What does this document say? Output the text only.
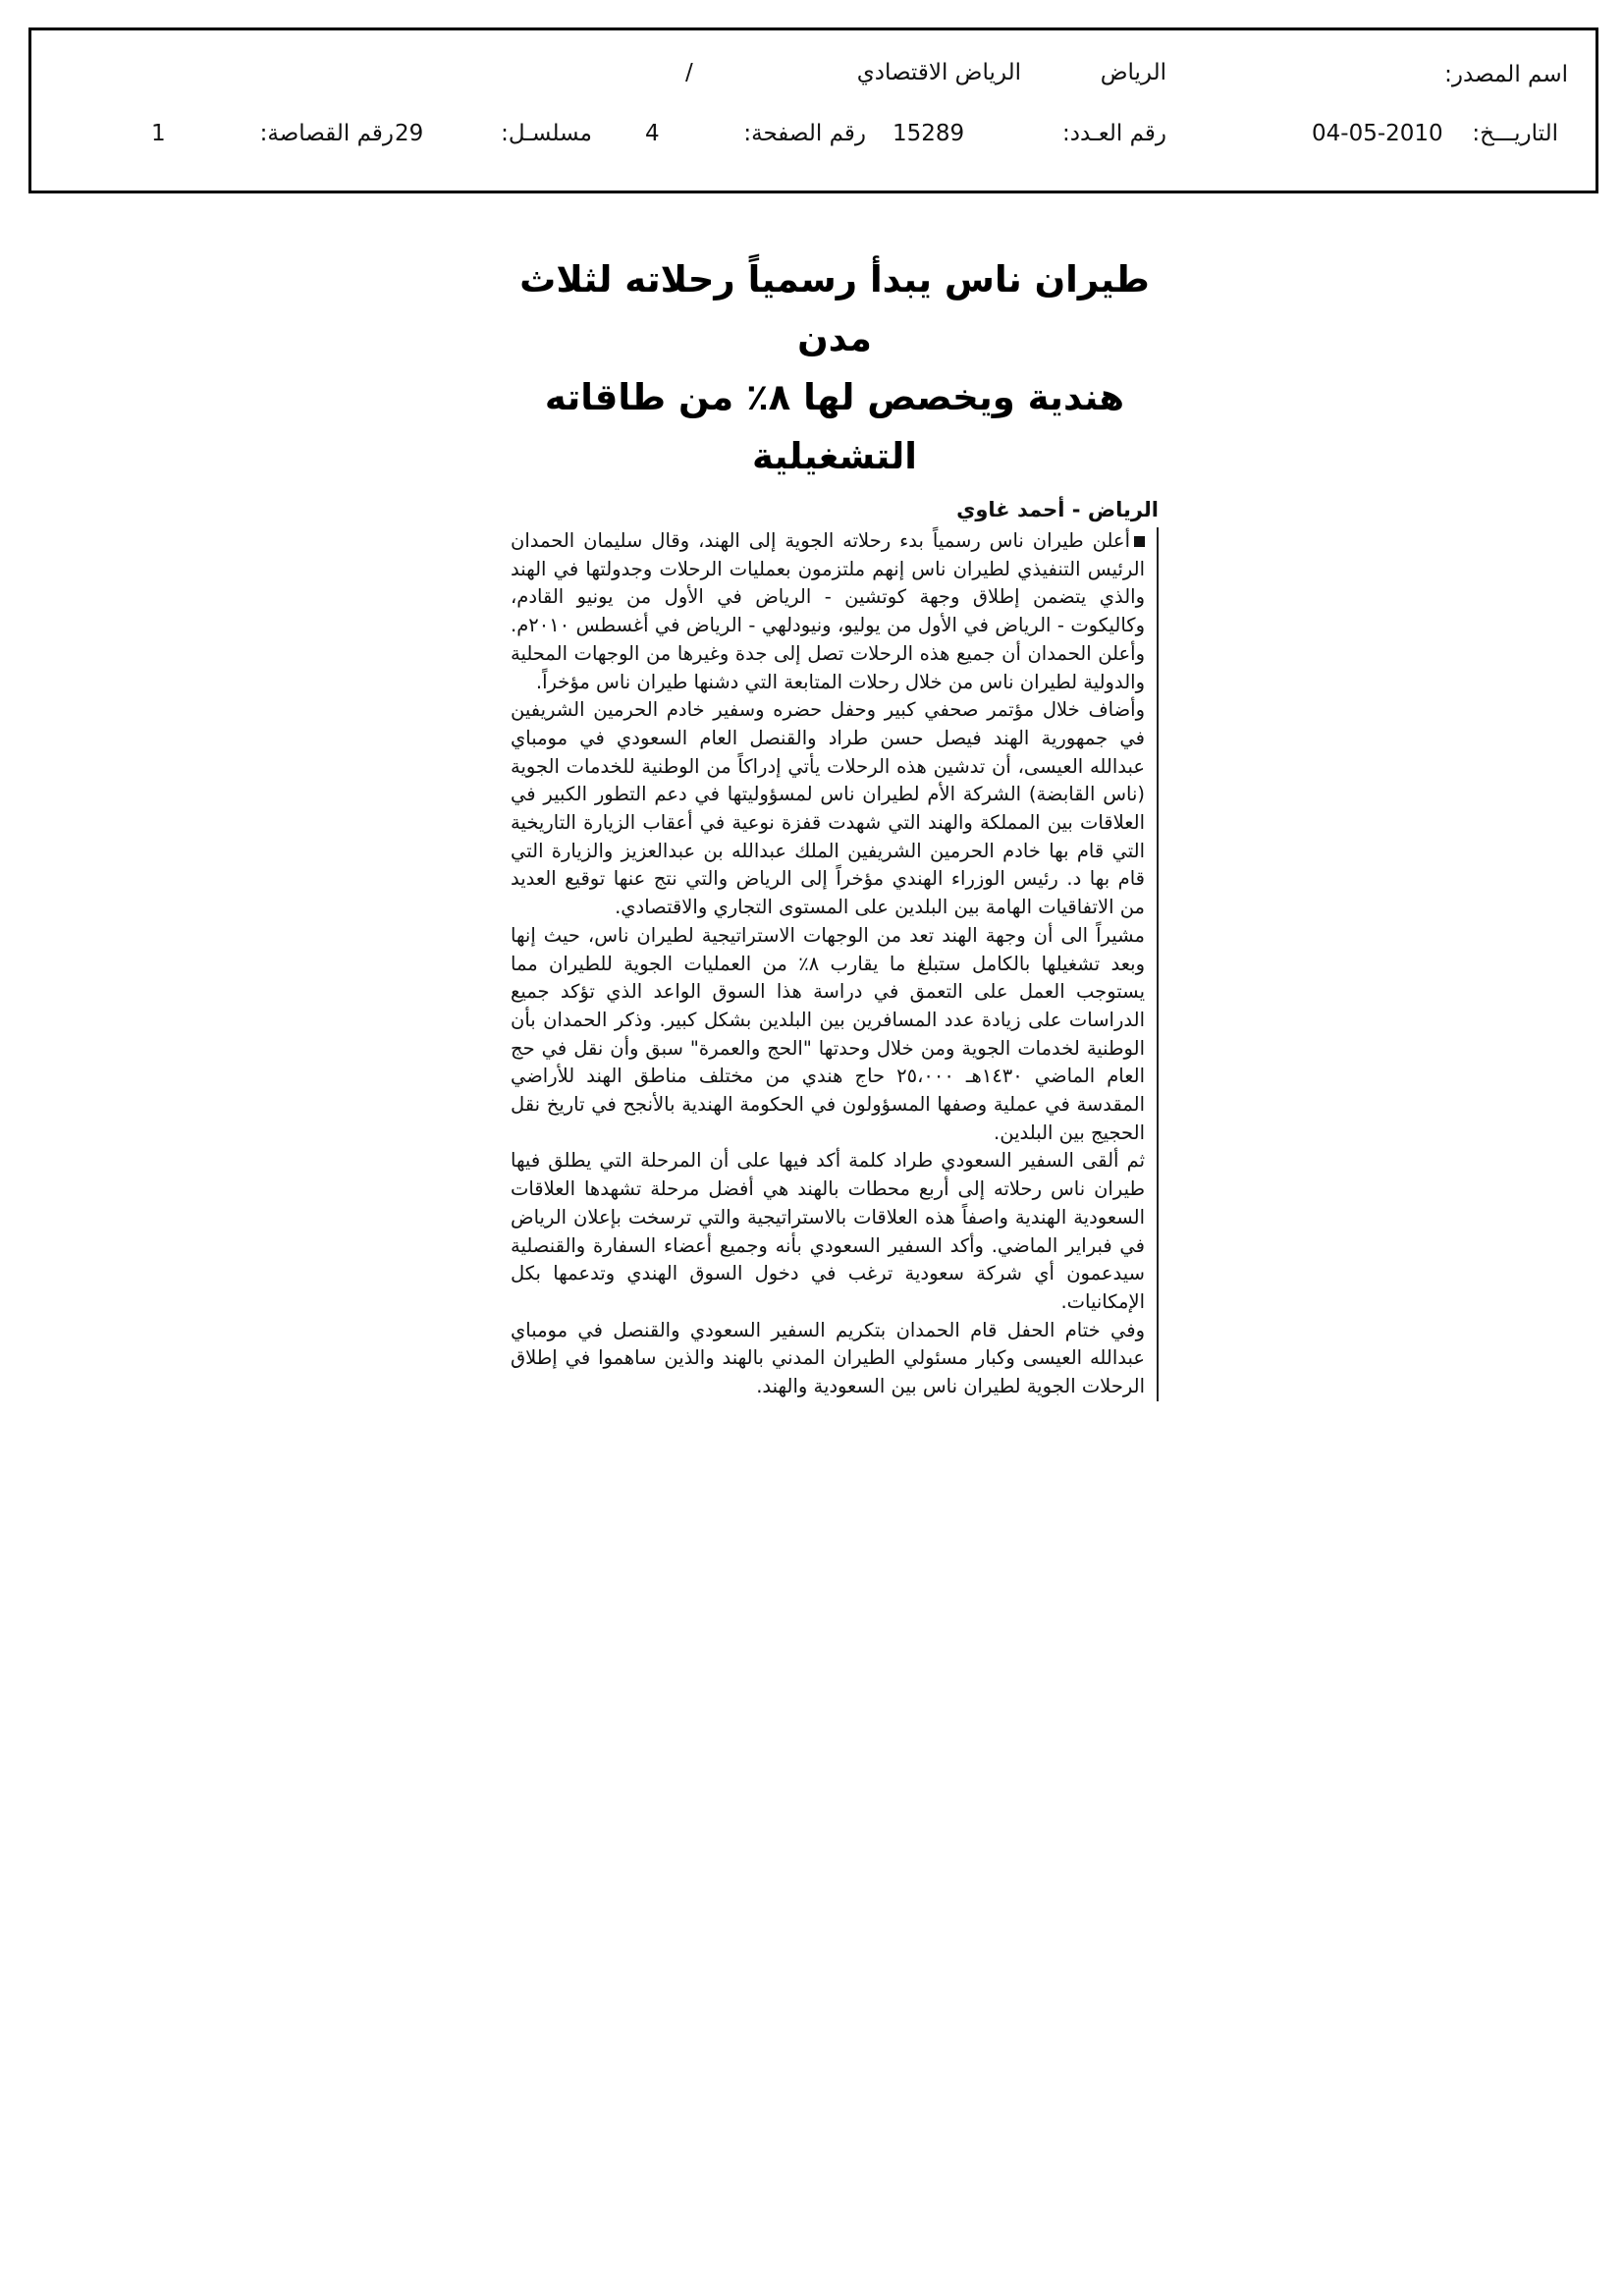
اسم المصدر:
الرياض
/	الرياض الاقتصادي
التاريـــخ:
04-05-2010
رقم العـدد:
15289
رقم الصفحة:
4
مسلسـل:
29
رقم القصاصة:
1
طيران ناس يبدأ رسمياً رحلاته لثلاث مدن
هندية ويخصص لها ٨٪ من طاقاته التشغيلية
الرياض - أحمد غاوي

أعلن طيران ناس رسمياً بدء رحلاته الجوية إلى الهند، وقال سليمان الحمدان الرئيس التنفيذي لطيران ناس إنهم ملتزمون بعمليات الرحلات وجدولتها في الهند والذي يتضمن إطلاق وجهة كوتشين - الرياض في الأول من يونيو القادم، وكاليكوت - الرياض في الأول من يوليو، ونيودلهي - الرياض في أغسطس ٢٠١٠م. وأعلن الحمدان أن جميع هذه الرحلات تصل إلى جدة وغيرها من الوجهات المحلية والدولية لطيران ناس من خلال رحلات المتابعة التي دشنها طيران ناس مؤخراً.

وأضاف خلال مؤتمر صحفي كبير وحفل حضره وسفير خادم الحرمين الشريفين في جمهورية الهند فيصل حسن طراد والقنصل العام السعودي في مومباي عبدالله العيسى، أن تدشين هذه الرحلات يأتي إدراكاً من الوطنية للخدمات الجوية (ناس القابضة) الشركة الأم لطيران ناس لمسؤوليتها في دعم التطور الكبير في العلاقات بين المملكة والهند التي شهدت قفزة نوعية في أعقاب الزيارة التاريخية التي قام بها خادم الحرمين الشريفين الملك عبدالله بن عبدالعزيز والزيارة التي قام بها د. رئيس الوزراء الهندي مؤخراً إلى الرياض والتي نتج عنها توقيع العديد من الاتفاقيات الهامة بين البلدين على المستوى التجاري والاقتصادي.

مشيراً الى أن وجهة الهند تعد من الوجهات الاستراتيجية لطيران ناس، حيث إنها وبعد تشغيلها بالكامل ستبلغ ما يقارب ٨٪ من العمليات الجوية للطيران مما يستوجب العمل على التعمق في دراسة هذا السوق الواعد الذي تؤكد جميع الدراسات على زيادة عدد المسافرين بين البلدين بشكل كبير. وذكر الحمدان بأن الوطنية لخدمات الجوية ومن خلال وحدتها "الحج والعمرة" سبق وأن نقل في حج العام الماضي ١٤٣٠هـ ٢٥،٠٠٠ حاج هندي من مختلف مناطق الهند للأراضي المقدسة في عملية وصفها المسؤولون في الحكومة الهندية بالأنجح في تاريخ نقل الحجيج بين البلدين.

ثم ألقى السفير السعودي طراد كلمة أكد فيها على أن المرحلة التي يطلق فيها طيران ناس رحلاته إلى أربع محطات بالهند هي أفضل مرحلة تشهدها العلاقات السعودية الهندية واصفاً هذه العلاقات بالاستراتيجية والتي ترسخت بإعلان الرياض في فبراير الماضي. وأكد السفير السعودي بأنه وجميع أعضاء السفارة والقنصلية سيدعمون أي شركة سعودية ترغب في دخول السوق الهندي وتدعمها بكل الإمكانيات.

وفي ختام الحفل قام الحمدان بتكريم السفير السعودي والقنصل في مومباي عبدالله العيسى وكبار مسئولي الطيران المدني بالهند والذين ساهموا في إطلاق الرحلات الجوية لطيران ناس بين السعودية والهند.
